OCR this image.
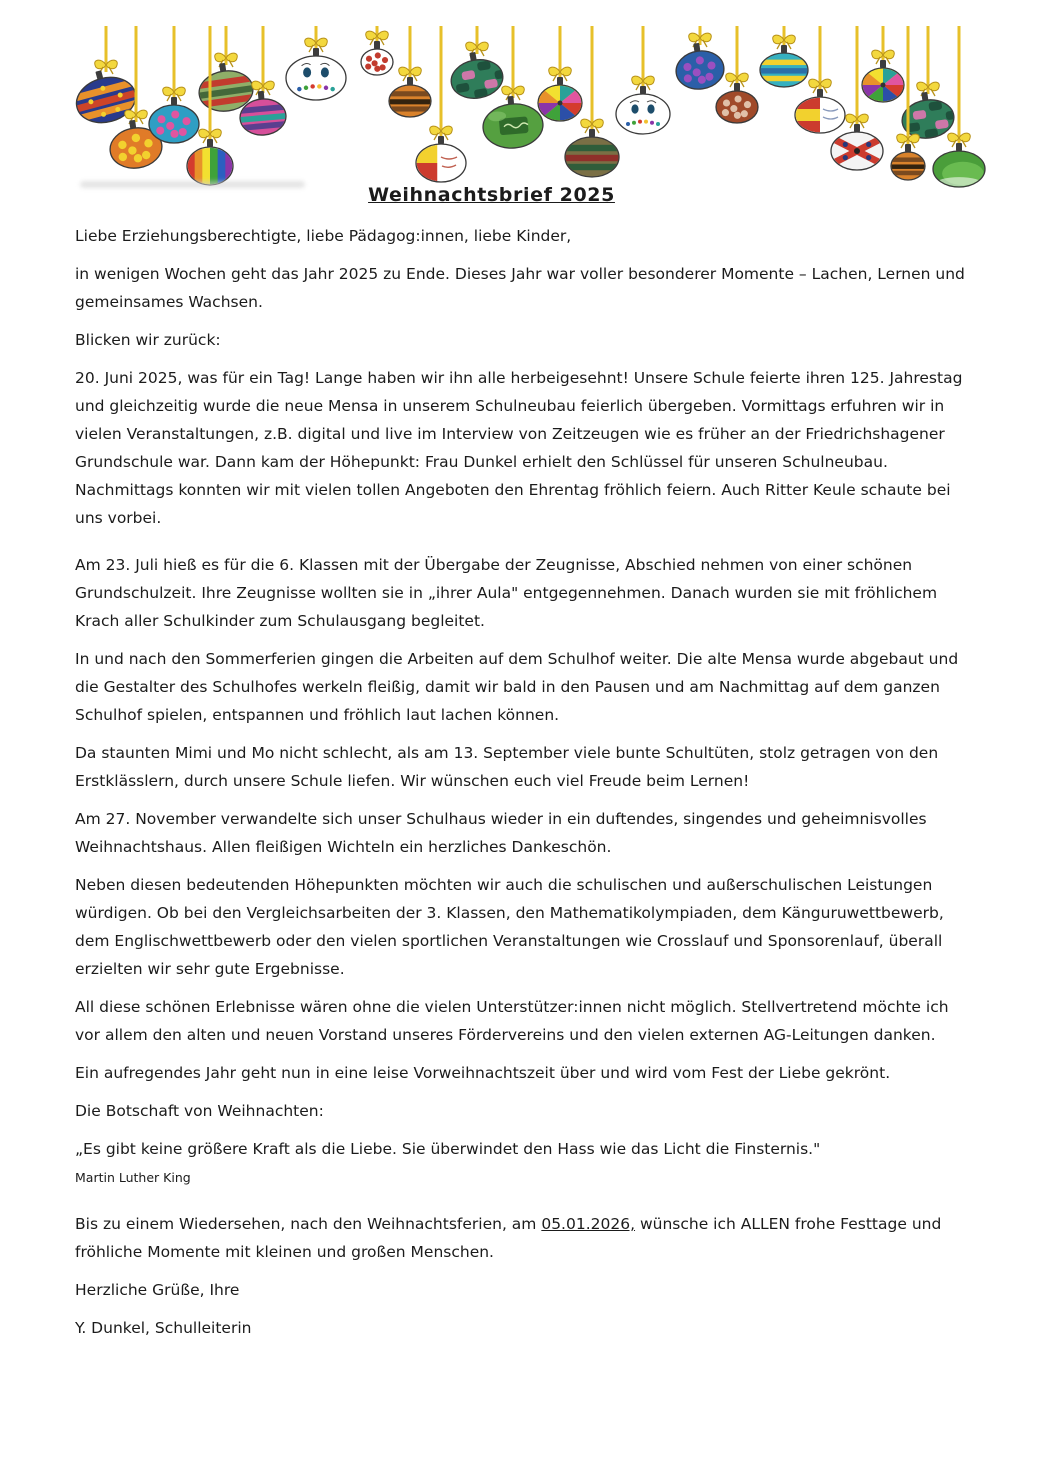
Weihnachtsbrief 2025

Liebe Erziehungsberechtigte, liebe Pädagog:innen, liebe Kinder,

in wenigen Wochen geht das Jahr 2025 zu Ende. Dieses Jahr war voller besonderer Momente – Lachen, Lernen und gemeinsames Wachsen.

Blicken wir zurück:

20. Juni 2025, was für ein Tag! Lange haben wir ihn alle herbeigesehnt! Unsere Schule feierte ihren 125. Jahrestag und gleichzeitig wurde die neue Mensa in unserem Schulneubau feierlich übergeben. Vormittags erfuhren wir in vielen Veranstaltungen, z.B. digital und live im Interview von Zeitzeugen wie es früher an der Friedrichshagener Grundschule war. Dann kam der Höhepunkt: Frau Dunkel erhielt den Schlüssel für unseren Schulneubau. Nachmittags konnten wir mit vielen tollen Angeboten den Ehrentag fröhlich feiern. Auch Ritter Keule schaute bei uns vorbei.

Am 23. Juli hieß es für die 6. Klassen mit der Übergabe der Zeugnisse, Abschied nehmen von einer schönen Grundschulzeit. Ihre Zeugnisse wollten sie in „ihrer Aula" entgegennehmen. Danach wurden sie mit fröhlichem Krach aller Schulkinder zum Schulausgang begleitet.

In und nach den Sommerferien gingen die Arbeiten auf dem Schulhof weiter. Die alte Mensa wurde abgebaut und die Gestalter des Schulhofes werkeln fleißig, damit wir bald in den Pausen und am Nachmittag auf dem ganzen Schulhof spielen, entspannen und fröhlich laut lachen können.

Da staunten Mimi und Mo nicht schlecht, als am 13. September viele bunte Schultüten, stolz getragen von den Erstklässlern, durch unsere Schule liefen. Wir wünschen euch viel Freude beim Lernen!

Am 27. November verwandelte sich unser Schulhaus wieder in ein duftendes, singendes und geheimnisvolles Weihnachtshaus. Allen fleißigen Wichteln ein herzliches Dankeschön.

Neben diesen bedeutenden Höhepunkten möchten wir auch die schulischen und außerschulischen Leistungen würdigen. Ob bei den Vergleichsarbeiten der 3. Klassen, den Mathematikolympiaden, dem Känguruwettbewerb, dem Englischwettbewerb oder den vielen sportlichen Veranstaltungen wie Crosslauf und Sponsorenlauf, überall erzielten wir sehr gute Ergebnisse.

All diese schönen Erlebnisse wären ohne die vielen Unterstützer:innen nicht möglich. Stellvertretend möchte ich vor allem den alten und neuen Vorstand unseres Fördervereins und den vielen externen AG-Leitungen danken.

Ein aufregendes Jahr geht nun in eine leise Vorweihnachtszeit über und wird vom Fest der Liebe gekrönt.

Die Botschaft von Weihnachten:

„Es gibt keine größere Kraft als die Liebe. Sie überwindet den Hass wie das Licht die Finsternis."
Martin Luther King

Bis zu einem Wiedersehen, nach den Weihnachtsferien, am 05.01.2026, wünsche ich ALLEN frohe Festtage und fröhliche Momente mit kleinen und großen Menschen.

Herzliche Grüße, Ihre

Y. Dunkel, Schulleiterin
